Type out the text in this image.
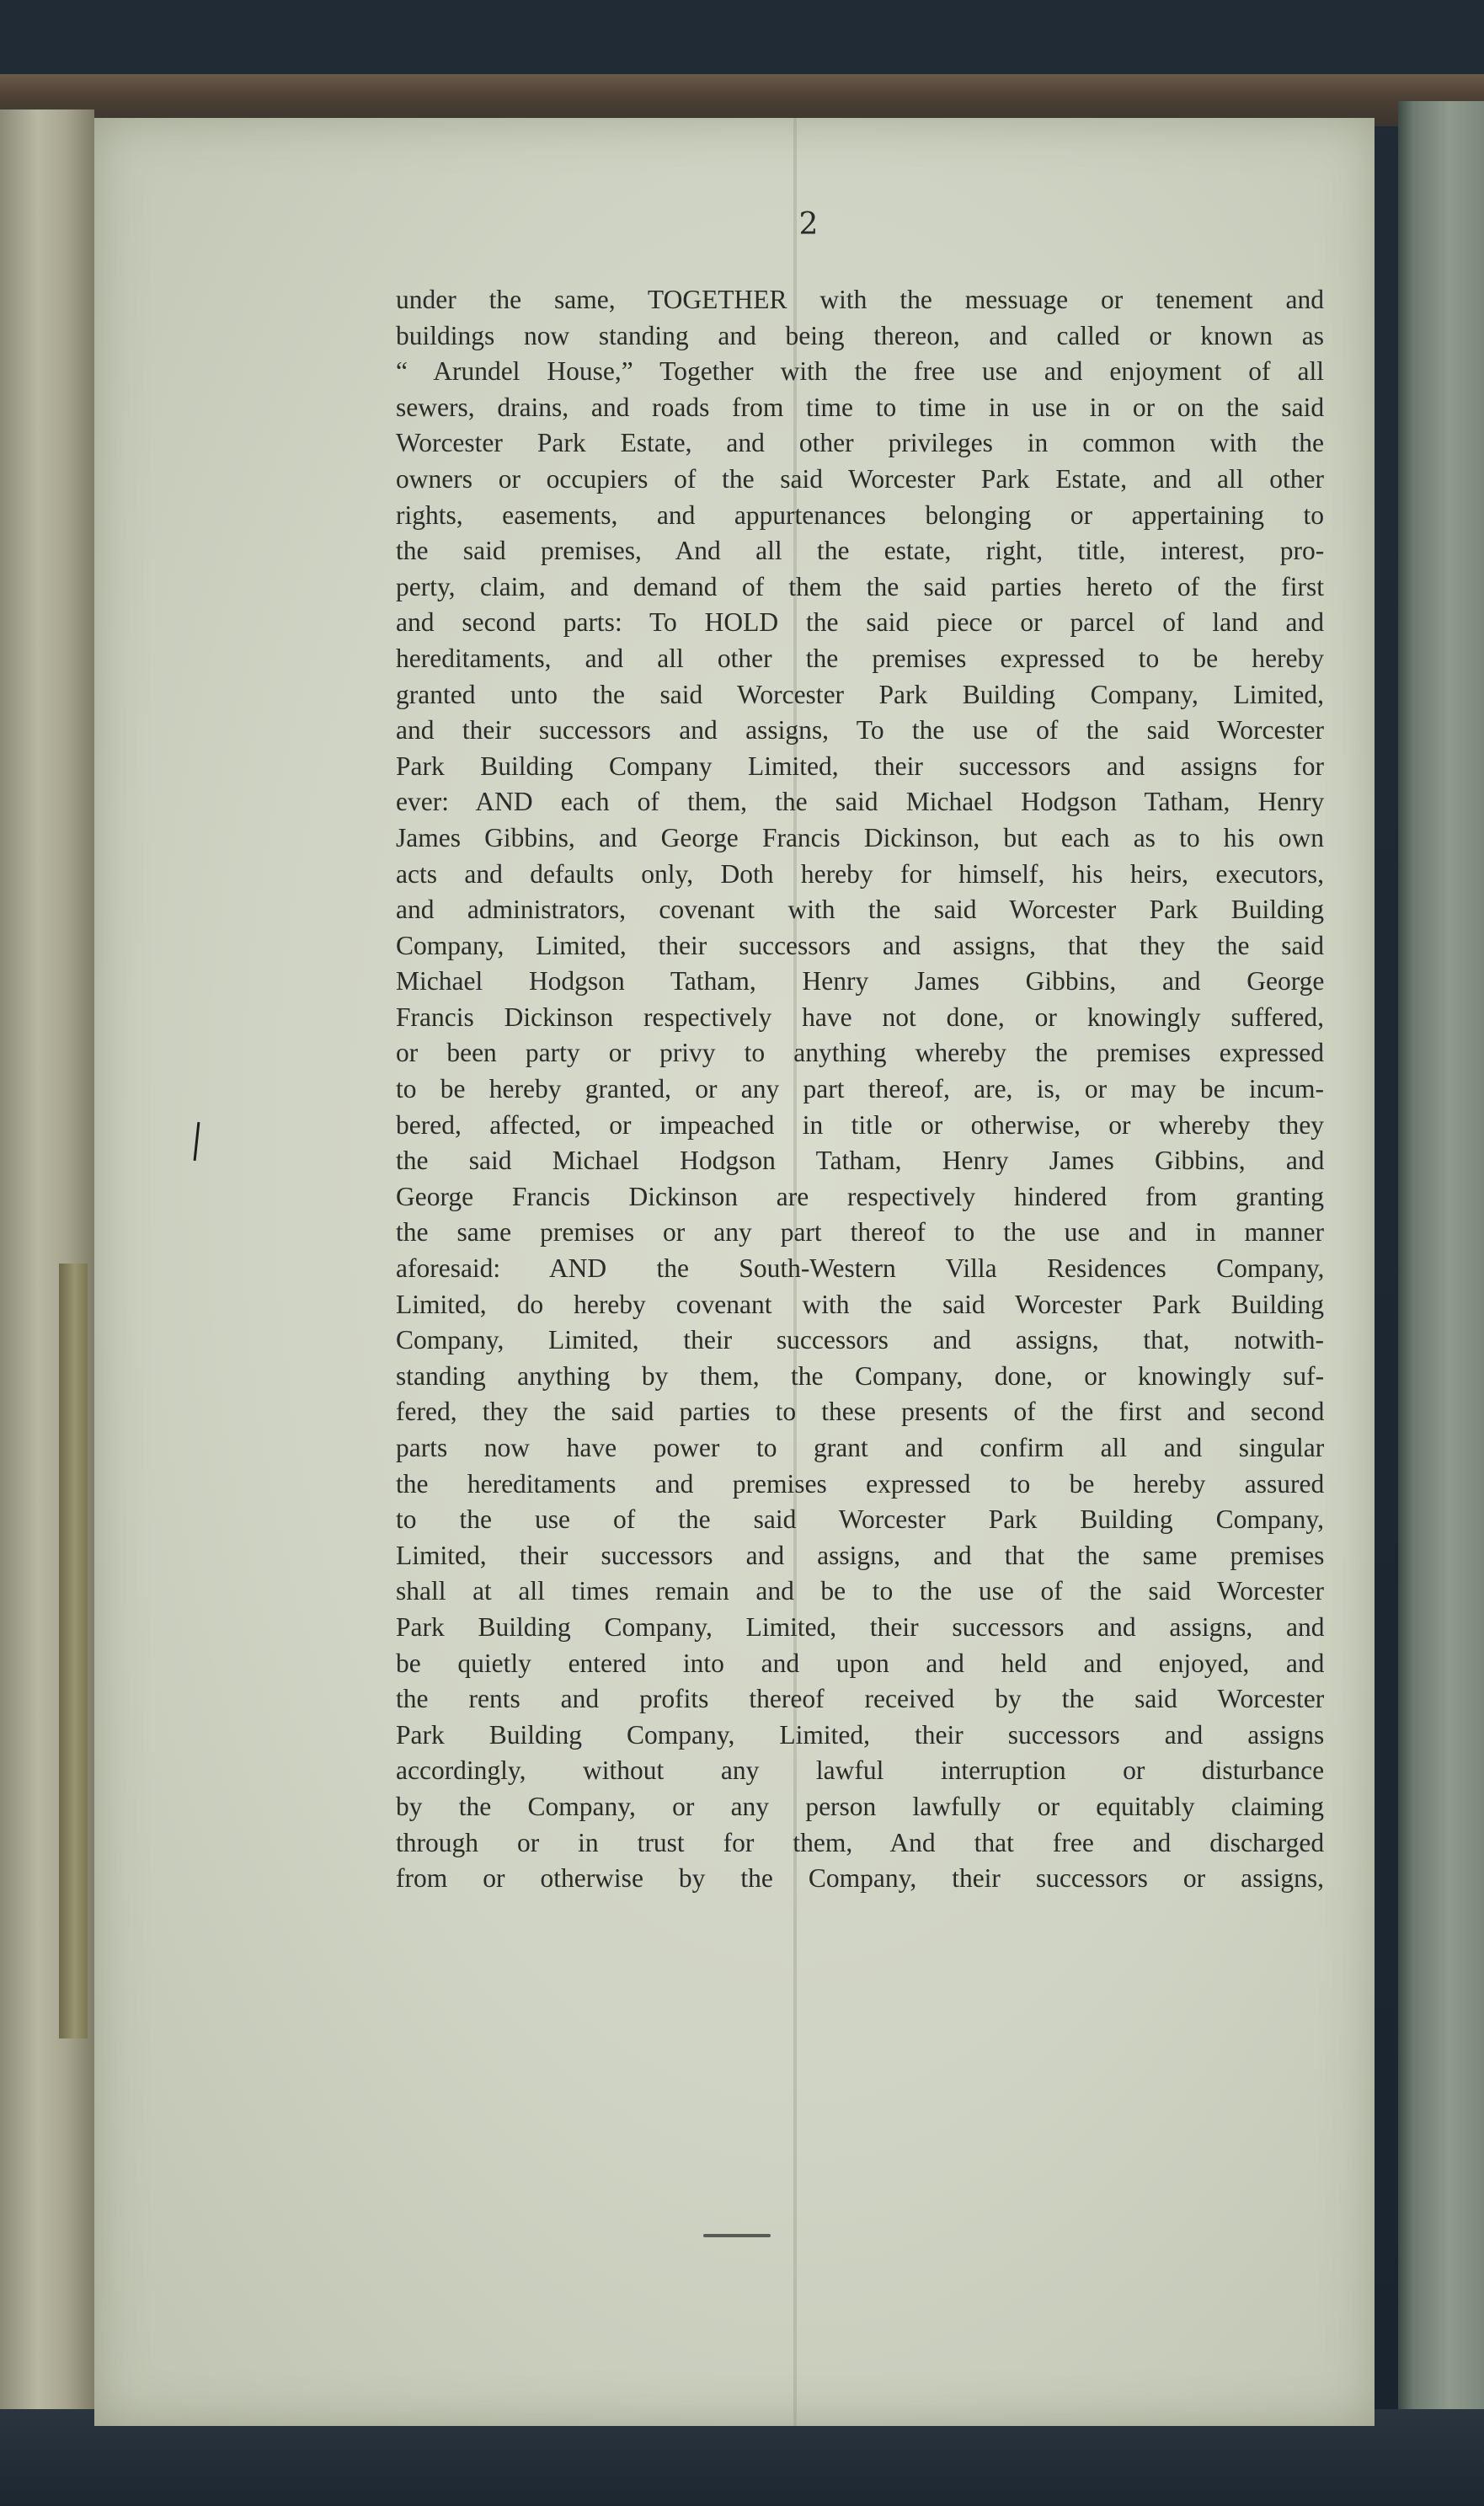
2
under the same, TOGETHER with the messuage or tenement and
buildings now standing and being thereon, and called or known as
“ Arundel House,” Together with the free use and enjoyment of all
sewers, drains, and roads from time to time in use in or on the said
Worcester Park Estate, and other privileges in common with the
owners or occupiers of the said Worcester Park Estate, and all other
rights, easements, and appurtenances belonging or appertaining to
the said premises, And all the estate, right, title, interest, pro-
perty, claim, and demand of them the said parties hereto of the first
and second parts: To HOLD the said piece or parcel of land and
hereditaments, and all other the premises expressed to be hereby
granted unto the said Worcester Park Building Company, Limited,
and their successors and assigns, To the use of the said Worcester
Park Building Company Limited, their successors and assigns for
ever: AND each of them, the said Michael Hodgson Tatham, Henry
James Gibbins, and George Francis Dickinson, but each as to his own
acts and defaults only, Doth hereby for himself, his heirs, executors,
and administrators, covenant with the said Worcester Park Building
Company, Limited, their successors and assigns, that they the said
Michael Hodgson Tatham, Henry James Gibbins, and George
Francis Dickinson respectively have not done, or knowingly suffered,
or been party or privy to anything whereby the premises expressed
to be hereby granted, or any part thereof, are, is, or may be incum-
bered, affected, or impeached in title or otherwise, or whereby they
the said Michael Hodgson Tatham, Henry James Gibbins, and
George Francis Dickinson are respectively hindered from granting
the same premises or any part thereof to the use and in manner
aforesaid: AND the South-Western Villa Residences Company,
Limited, do hereby covenant with the said Worcester Park Building
Company, Limited, their successors and assigns, that, notwith-
standing anything by them, the Company, done, or knowingly suf-
fered, they the said parties to these presents of the first and second
parts now have power to grant and confirm all and singular
the hereditaments and premises expressed to be hereby assured
to the use of the said Worcester Park Building Company,
Limited, their successors and assigns, and that the same premises
shall at all times remain and be to the use of the said Worcester
Park Building Company, Limited, their successors and assigns, and
be quietly entered into and upon and held and enjoyed, and
the rents and profits thereof received by the said Worcester
Park Building Company, Limited, their successors and assigns
accordingly, without any lawful interruption or disturbance
by the Company, or any person lawfully or equitably claiming
through or in trust for them, And that free and discharged
from or otherwise by the Company, their successors or assigns,
